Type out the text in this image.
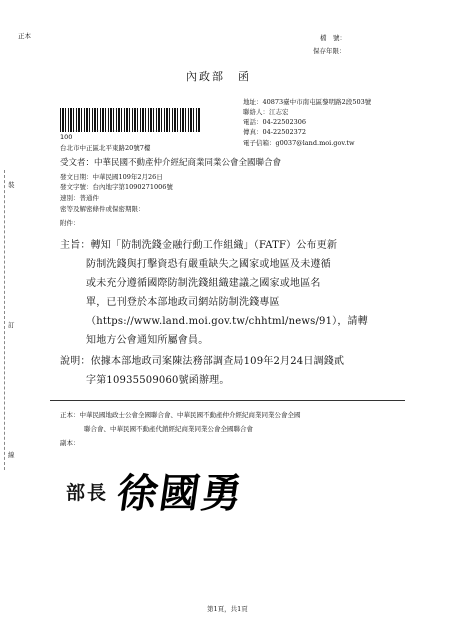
正本	檔　號：
保存年限：
內政部　函
地址：40873臺中市南屯區黎明路2段503號
聯絡人：江志宏
電話：04-22502306
傳真：04-22502372
電子信箱：g0037@land.moi.gov.tw
100
台北市中正區北平東路20號7樓
受文者：中華民國不動產仲介經紀商業同業公會全國聯合會
發文日期：中華民國109年2月26日
發文字號：台內地字第1090271006號
速別：普通件
密等及解密條件或保密期限：
附件：
主旨：轉知「防制洗錢金融行動工作組織」（FATF）公布更新
防制洗錢與打擊資恐有嚴重缺失之國家或地區及未遵循
或未充分遵循國際防制洗錢組織建議之國家或地區名
單，已刊登於本部地政司網站防制洗錢專區
（https://www.land.moi.gov.tw/chhtml/news/91），請轉
知地方公會通知所屬會員。
說明：依據本部地政司案陳法務部調查局109年2月24日調錢貳
字第10935509060號函辦理。
正本：中華民國地政士公會全國聯合會、中華民國不動產仲介經紀商業同業公會全國
聯合會、中華民國不動產代銷經紀商業同業公會全國聯合會
副本：
裝
訂
線
部長 徐國勇
第1頁，共1頁
